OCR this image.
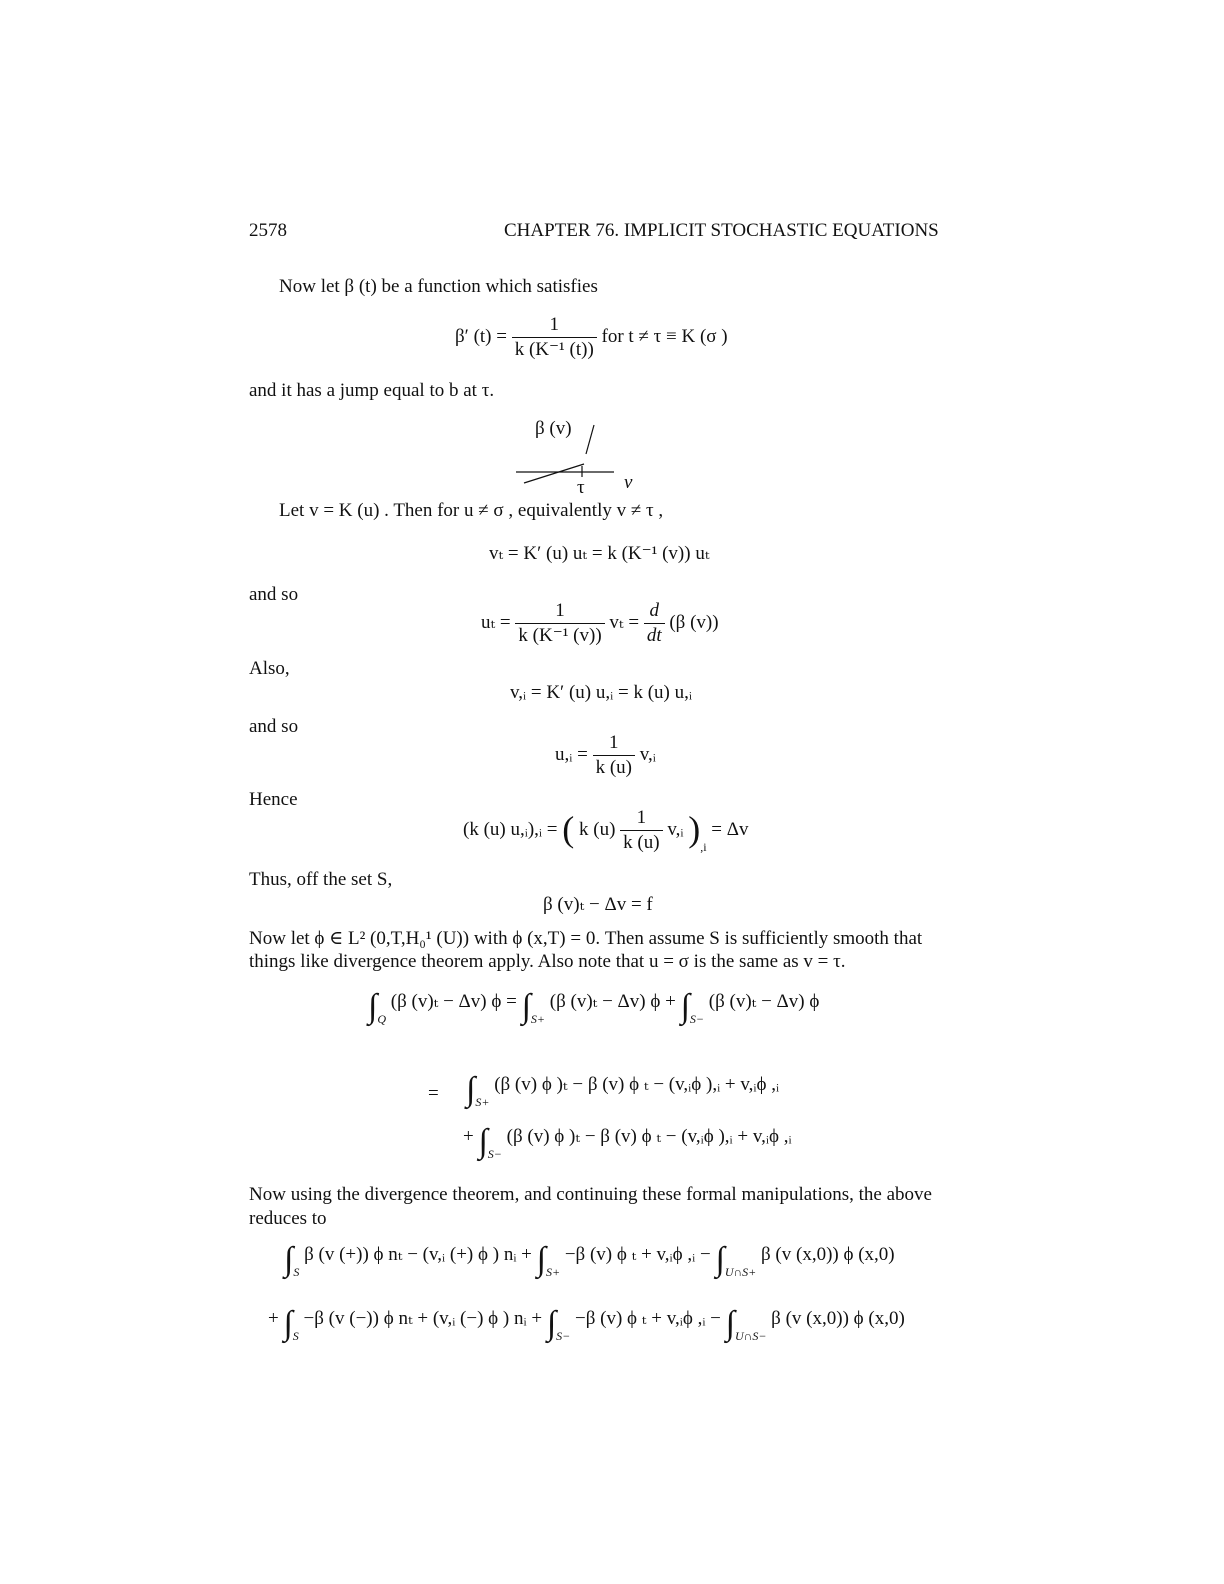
2578	CHAPTER 76. IMPLICIT STOCHASTIC EQUATIONS
Now let β (t) be a function which satisfies
β′ $(t) = \frac{1}{\text{k (K⁻¹ (t))}}$ for t ≠ τ ≡ K (σ )
and it has a jump equal to b at τ.
β (v)
τ v
Let v = K (u) . Then for u ≠ σ , equivalently v ≠ τ ,
vₜ = K′ (u) uₜ = k (K⁻¹ (v)) uₜ
and so
$u_t = \frac{1}{\text{k (K⁻¹ (v))}}$ $v_t = \frac{d}{dt} (\beta$ (v))
Also,
v,ᵢ = K′ (u) u,ᵢ = k (u) u,ᵢ
and so
u,ᵢ = $\frac{1}{k (u)}$ v,ᵢ
Hence
(k (u) u,ᵢ),ᵢ = ( k $(u) \frac{1}{k (u)}$ v,ᵢ )$_{,i} = \Delta v$
Thus, off the set S,
β (v)ₜ − Δv = f
Now let ϕ ∈ L² (0,T,H₀¹ (U)) with ϕ (x,T) = 0. Then assume S is sufficiently smooth that
things like divergence theorem apply. Also note that u = σ is the same as v = τ.
$\int_Q$ (β (v)ₜ − Δv) $\phi = \int_{S+}$ (β (v)ₜ − Δv) $\phi + \int_{S-}$ (β (v)ₜ − Δv) ϕ
= $\int_{S+}$ (β (v) ϕ )ₜ − β (v) ϕ ₜ − (v,ᵢϕ ),ᵢ + v,ᵢϕ ,ᵢ
+ $\int_{S-}$ (β (v) ϕ )ₜ − β (v) ϕ ₜ − (v,ᵢϕ ),ᵢ + v,ᵢϕ ,ᵢ
Now using the divergence theorem, and continuing these formal manipulations, the above
reduces to
$\int_S$ β (v (+)) ϕ nₜ − (v,ᵢ (+) ϕ ) nᵢ + $\int_{S+} -\beta$ (v) ϕ ₜ + v,ᵢϕ ,ᵢ − $\int_{U\cap S+}$ β (v (x,0)) ϕ (x,0)
+ $\int_S -\beta$ (v (−)) ϕ nₜ + (v,ᵢ (−) ϕ ) nᵢ + $\int_{S-} -\beta$ (v) ϕ ₜ + v,ᵢϕ ,ᵢ − $\int_{U\cap S-}$ β (v (x,0)) ϕ (x,0)
